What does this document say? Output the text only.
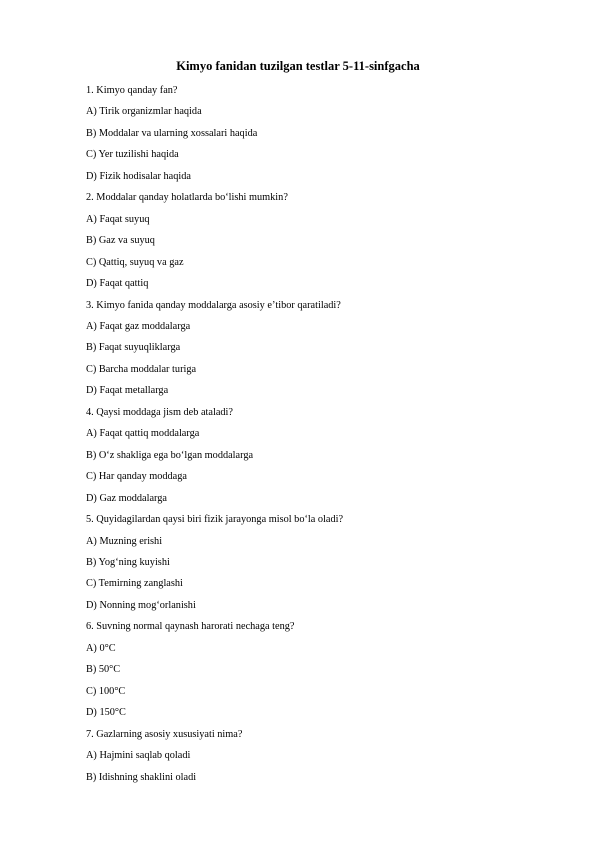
Kimyo fanidan tuzilgan testlar 5-11-sinfgacha
1. Kimyo qanday fan?
A) Tirik organizmlar haqida
B) Moddalar va ularning xossalari haqida
C) Yer tuzilishi haqida
D) Fizik hodisalar haqida
2. Moddalar qanday holatlarda boʻlishi mumkin?
A) Faqat suyuq
B) Gaz va suyuq
C) Qattiq, suyuq va gaz
D) Faqat qattiq
3. Kimyo fanida qanday moddalarga asosiy eʼtibor qaratiladi?
A) Faqat gaz moddalarga
B) Faqat suyuqliklarga
C) Barcha moddalar turiga
D) Faqat metallarga
4. Qaysi moddaga jism deb ataladi?
A) Faqat qattiq moddalarga
B) Oʻz shakliga ega boʻlgan moddalarga
C) Har qanday moddaga
D) Gaz moddalarga
5. Quyidagilardan qaysi biri fizik jarayonga misol boʻla oladi?
A) Muzning erishi
B) Yogʻning kuyishi
C) Temirning zanglashi
D) Nonning mogʻorlanishi
6. Suvning normal qaynash harorati nechaga teng?
A) 0°C
B) 50°C
C) 100°C
D) 150°C
7. Gazlarning asosiy xususiyati nima?
A) Hajmini saqlab qoladi
B) Idishning shaklini oladi
